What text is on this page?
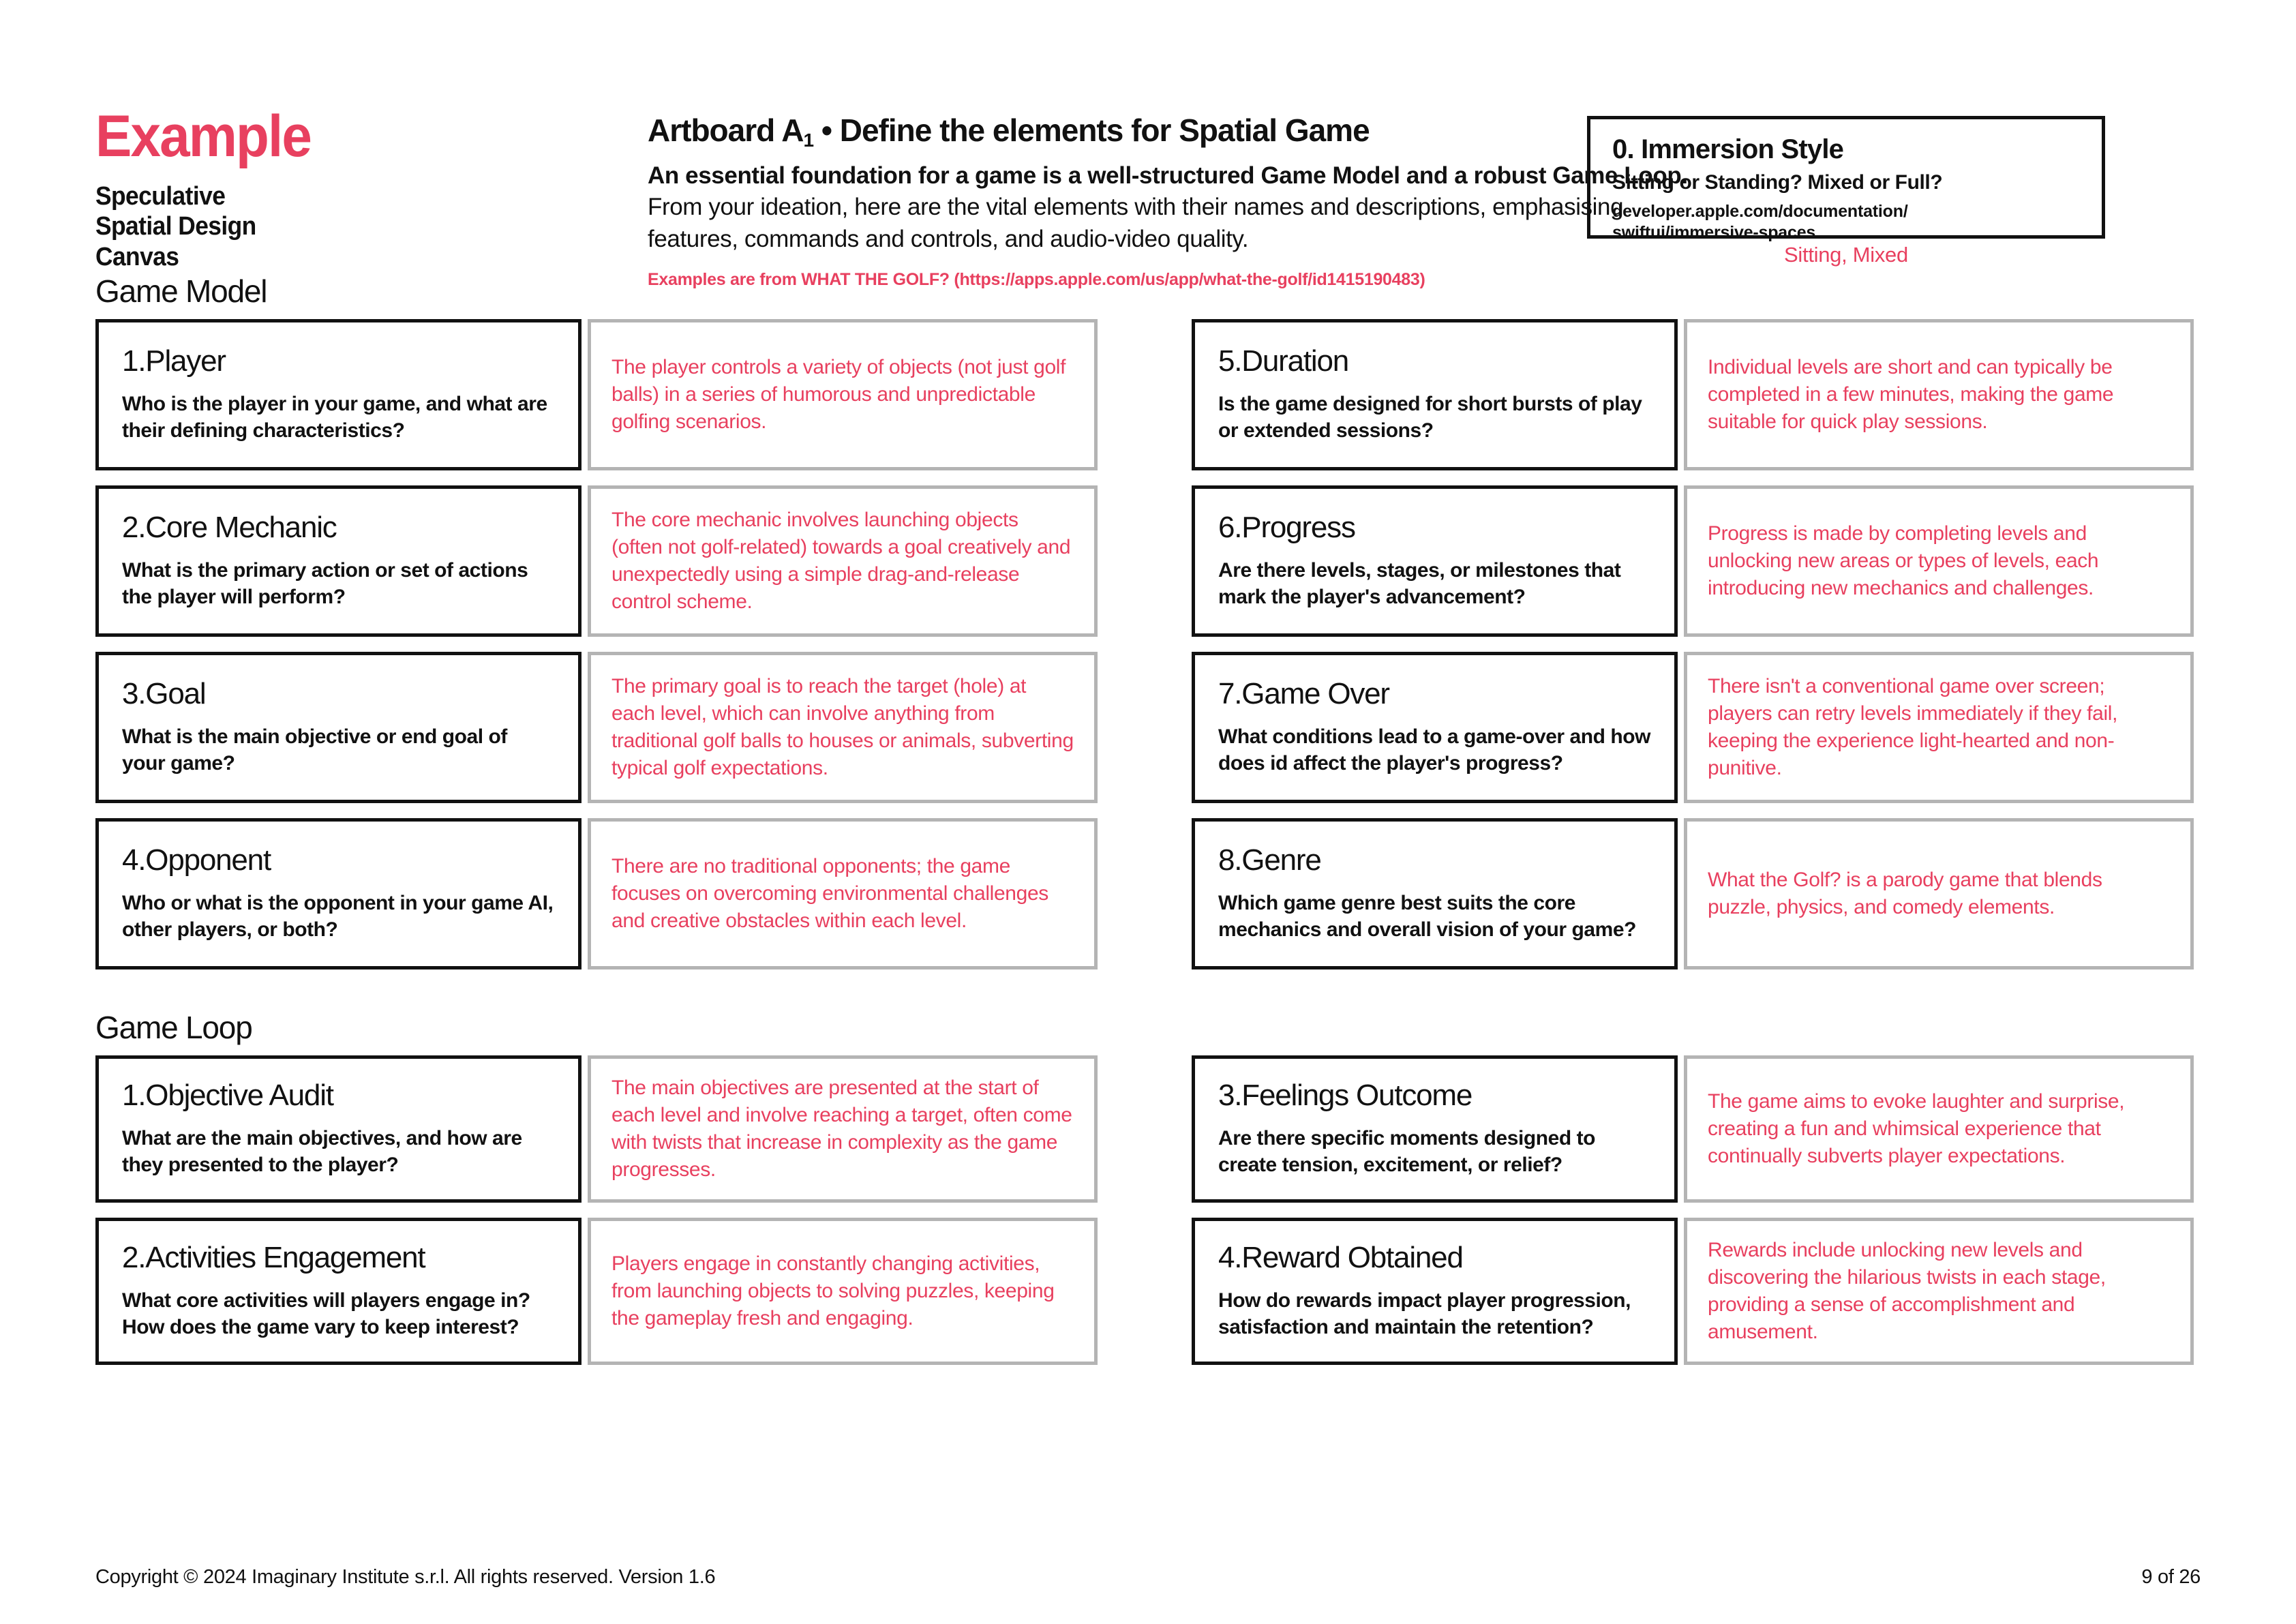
Example
Speculative
Spatial Design
Canvas
Artboard $A_1$ • Define the elements for Spatial Game
An essential foundation for a game is a well-structured Game Model and a robust Game Loop. From your ideation, here are the vital elements with their names and descriptions, emphasising features, commands and controls, and audio-video quality.
Examples are from WHAT THE GOLF? (https://apps.apple.com/us/app/what-the-golf/id1415190483)
0. Immersion Style
Sitting or Standing? Mixed or Full?
developer.apple.com/documentation/
swiftui/immersive-spaces
Sitting, Mixed
Game Model
1.Player
Who is the player in your game, and what are their defining characteristics?
The player controls a variety of objects (not just golf balls) in a series of humorous and unpredictable golfing scenarios.
5.Duration
Is the game designed for short bursts of play or extended sessions?
Individual levels are short and can typically be completed in a few minutes, making the game suitable for quick play sessions.
2.Core Mechanic
What is the primary action or set of actions the player will perform?
The core mechanic involves launching objects (often not golf-related) towards a goal creatively and unexpectedly using a simple drag-and-release control scheme.
6.Progress
Are there levels, stages, or milestones that mark the player's advancement?
Progress is made by completing levels and unlocking new areas or types of levels, each introducing new mechanics and challenges.
3.Goal
What is the main objective or end goal of your game?
The primary goal is to reach the target (hole) at each level, which can involve anything from traditional golf balls to houses or animals, subverting typical golf expectations.
7.Game Over
What conditions lead to a game-over and how does id affect the player's progress?
There isn't a conventional game over screen; players can retry levels immediately if they fail, keeping the experience light-hearted and non-punitive.
4.Opponent
Who or what is the opponent in your game AI, other players, or both?
There are no traditional opponents; the game focuses on overcoming environmental challenges and creative obstacles within each level.
8.Genre
Which game genre best suits the core mechanics and overall vision of your game?
What the Golf? is a parody game that blends puzzle, physics, and comedy elements.
Game Loop
1.Objective Audit
What are the main objectives, and how are they presented to the player?
The main objectives are presented at the start of each level and involve reaching a target, often come with twists that increase in complexity as the game progresses.
3.Feelings Outcome
Are there specific moments designed to create tension, excitement, or relief?
The game aims to evoke laughter and surprise, creating a fun and whimsical experience that continually subverts player expectations.
2.Activities Engagement
What core activities will players engage in? How does the game vary to keep interest?
Players engage in constantly changing activities, from launching objects to solving puzzles, keeping the gameplay fresh and engaging.
4.Reward Obtained
How do rewards impact player progression, satisfaction and maintain the retention?
Rewards include unlocking new levels and discovering the hilarious twists in each stage, providing a sense of accomplishment and amusement.
Copyright © 2024 Imaginary Institute s.r.l. All rights reserved. Version 1.6	9 of 26
